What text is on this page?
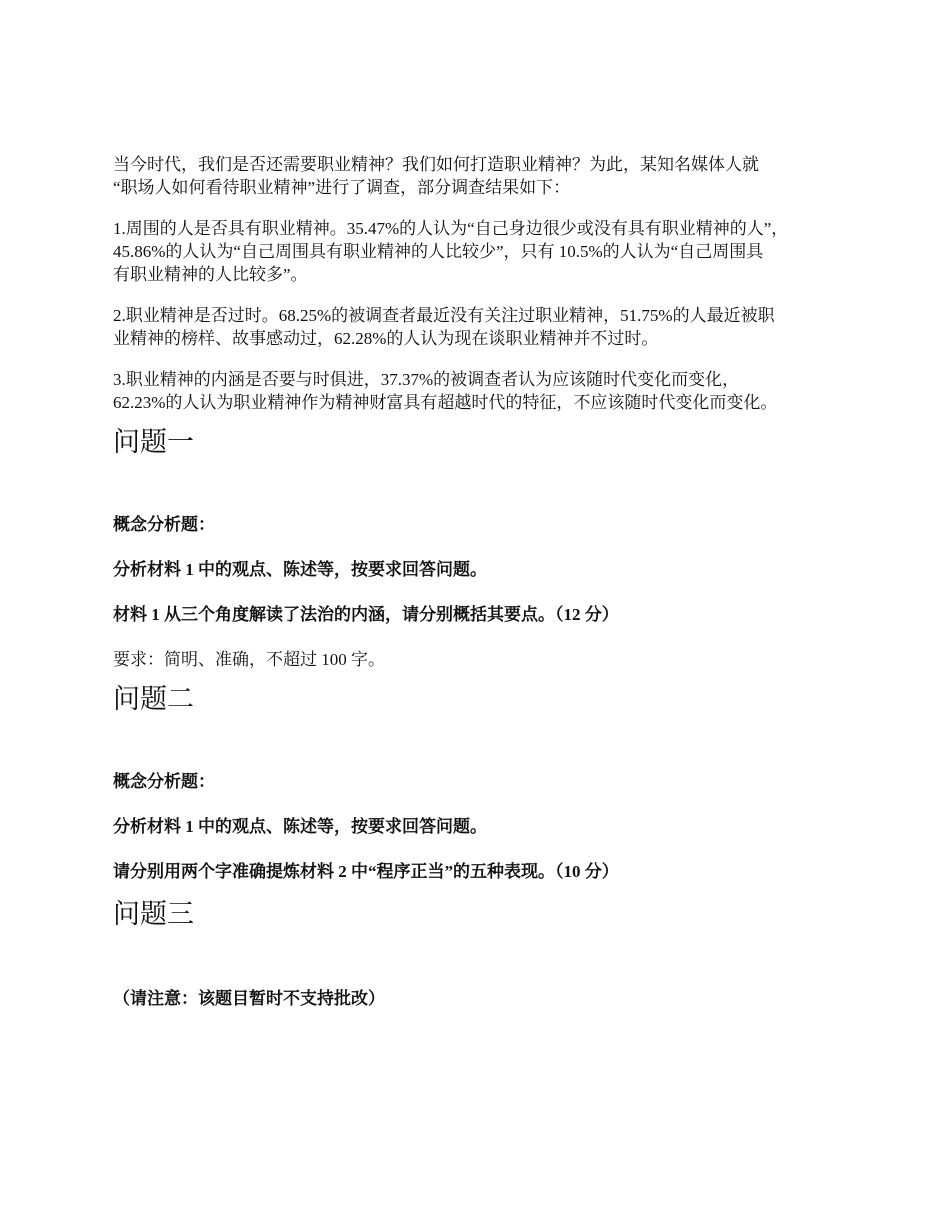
当今时代，我们是否还需要职业精神？我们如何打造职业精神？为此，某知名媒体人就
“职场人如何看待职业精神”进行了调查，部分调查结果如下：
1.周围的人是否具有职业精神。35.47%的人认为“自己身边很少或没有具有职业精神的人”，
45.86%的人认为“自己周围具有职业精神的人比较少”，只有 10.5%的人认为“自己周围具
有职业精神的人比较多”。
2.职业精神是否过时。68.25%的被调查者最近没有关注过职业精神，51.75%的人最近被职
业精神的榜样、故事感动过，62.28%的人认为现在谈职业精神并不过时。
3.职业精神的内涵是否要与时俱进，37.37%的被调查者认为应该随时代变化而变化，
62.23%的人认为职业精神作为精神财富具有超越时代的特征，不应该随时代变化而变化。
问题一
概念分析题：
分析材料 1 中的观点、陈述等，按要求回答问题。
材料 1 从三个角度解读了法治的内涵，请分别概括其要点。（12 分）
要求：简明、准确，不超过 100 字。
问题二
概念分析题：
分析材料 1 中的观点、陈述等，按要求回答问题。
请分别用两个字准确提炼材料 2 中“程序正当”的五种表现。（10 分）
问题三
（请注意：该题目暂时不支持批改）
